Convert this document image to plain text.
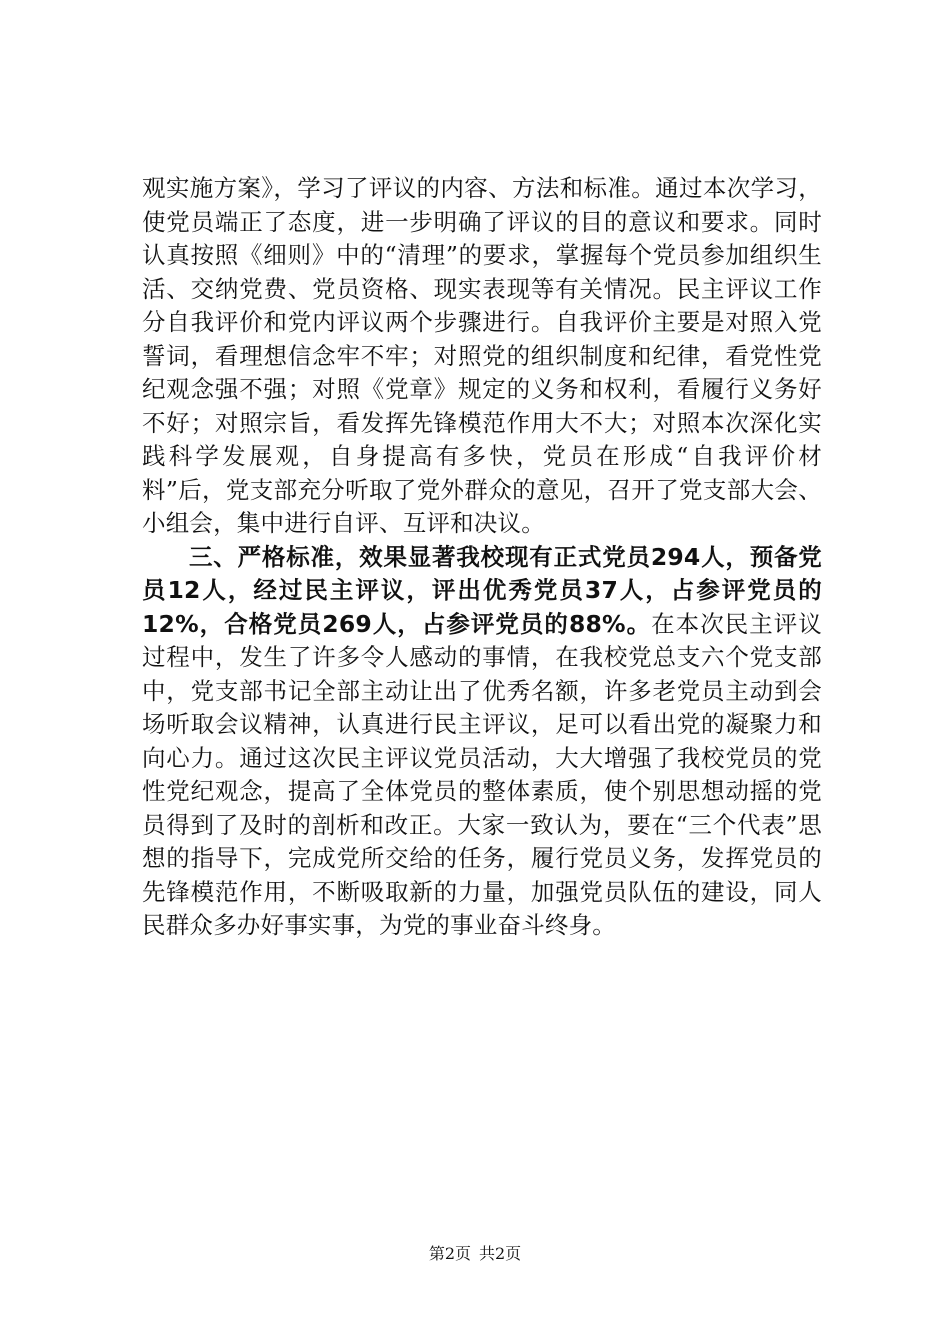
观实施方案》，学习了评议的内容、方法和标准。通过本次学习，使党员端正了态度，进一步明确了评议的目的意议和要求。同时认真按照《细则》中的“清理”的要求，掌握每个党员参加组织生活、交纳党费、党员资格、现实表现等有关情况。民主评议工作分自我评价和党内评议两个步骤进行。自我评价主要是对照入党誓词，看理想信念牢不牢；对照党的组织制度和纪律，看党性党纪观念强不强；对照《党章》规定的义务和权利，看履行义务好不好；对照宗旨，看发挥先锋模范作用大不大；对照本次深化实践科学发展观，自身提高有多快，党员在形成“自我评价材料”后，党支部充分听取了党外群众的意见，召开了党支部大会、小组会，集中进行自评、互评和决议。

三、严格标准，效果显著我校现有正式党员294人，预备党员12人，经过民主评议，评出优秀党员37人，占参评党员的12%，合格党员269人，占参评党员的88%。在本次民主评议过程中，发生了许多令人感动的事情，在我校党总支六个党支部中，党支部书记全部主动让出了优秀名额，许多老党员主动到会场听取会议精神，认真进行民主评议，足可以看出党的凝聚力和向心力。通过这次民主评议党员活动，大大增强了我校党员的党性党纪观念，提高了全体党员的整体素质，使个别思想动摇的党员得到了及时的剖析和改正。大家一致认为，要在“三个代表”思想的指导下，完成党所交给的任务，履行党员义务，发挥党员的先锋模范作用，不断吸取新的力量，加强党员队伍的建设，同人民群众多办好事实事，为党的事业奋斗终身。

第2页 共2页
